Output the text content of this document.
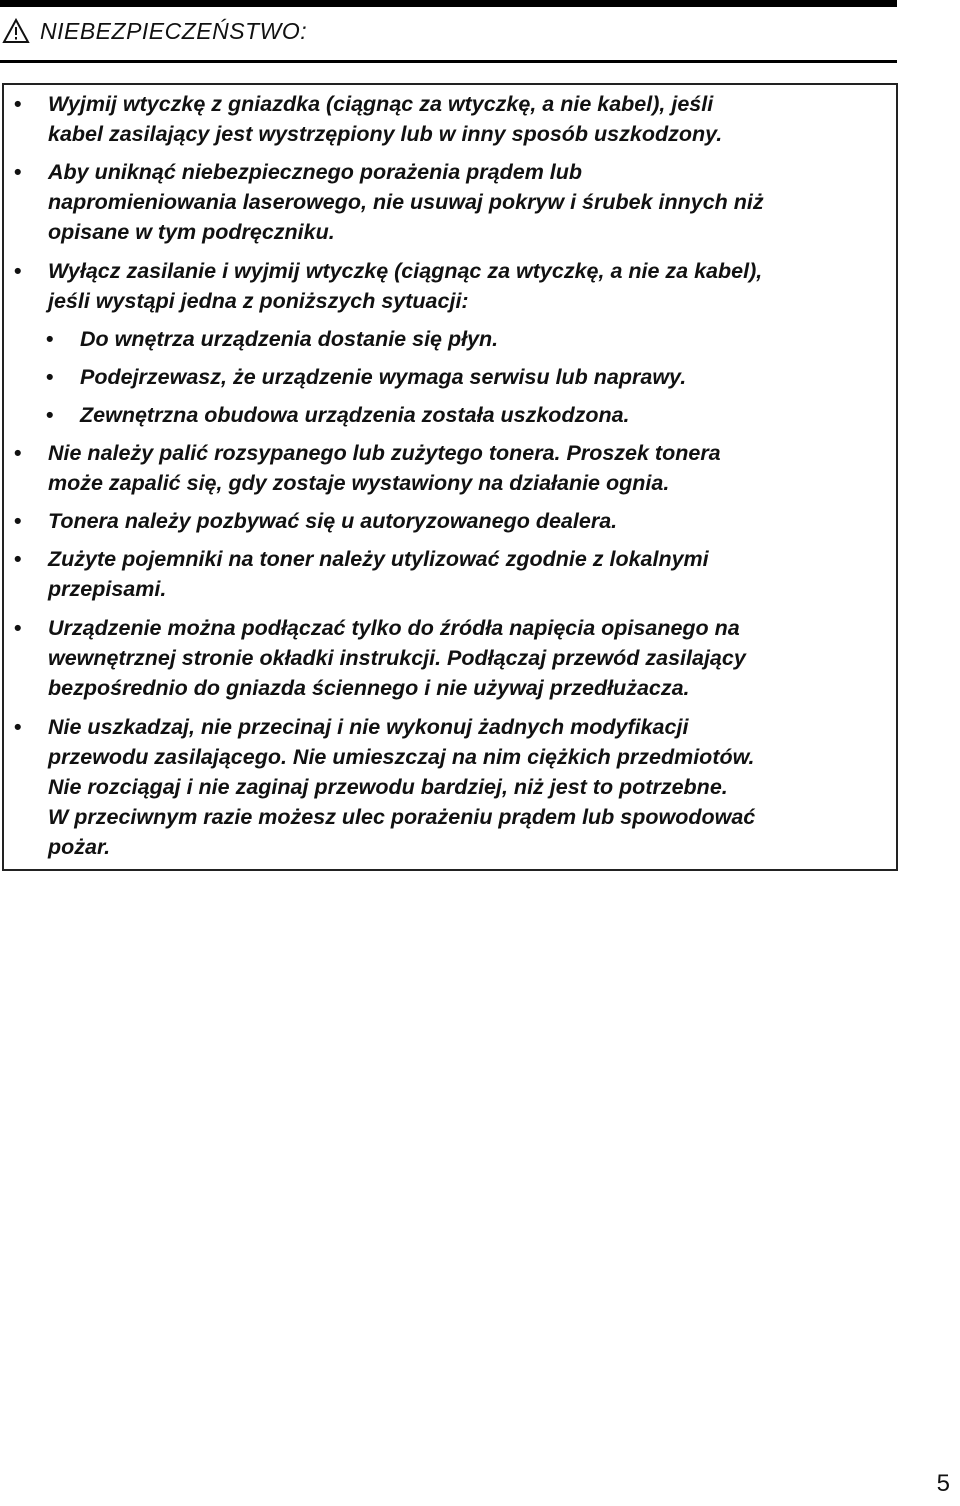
NIEBEZPIECZEŃSTWO:
• Wyjmij wtyczkę z gniazdka (ciągnąc za wtyczkę, a nie kabel), jeśli
kabel zasilający jest wystrzępiony lub w inny sposób uszkodzony.
• Aby uniknąć niebezpiecznego porażenia prądem lub
napromieniowania laserowego, nie usuwaj pokryw i śrubek innych niż
opisane w tym podręczniku.
• Wyłącz zasilanie i wyjmij wtyczkę (ciągnąc za wtyczkę, a nie za kabel),
jeśli wystąpi jedna z poniższych sytuacji:
• Do wnętrza urządzenia dostanie się płyn.
• Podejrzewasz, że urządzenie wymaga serwisu lub naprawy.
• Zewnętrzna obudowa urządzenia została uszkodzona.
• Nie należy palić rozsypanego lub zużytego tonera. Proszek tonera
może zapalić się, gdy zostaje wystawiony na działanie ognia.
• Tonera należy pozbywać się u autoryzowanego dealera.
• Zużyte pojemniki na toner należy utylizować zgodnie z lokalnymi
przepisami.
• Urządzenie można podłączać tylko do źródła napięcia opisanego na
wewnętrznej stronie okładki instrukcji. Podłączaj przewód zasilający
bezpośrednio do gniazda ściennego i nie używaj przedłużacza.
• Nie uszkadzaj, nie przecinaj i nie wykonuj żadnych modyfikacji
przewodu zasilającego. Nie umieszczaj na nim ciężkich przedmiotów.
Nie rozciągaj i nie zaginaj przewodu bardziej, niż jest to potrzebne.
W przeciwnym razie możesz ulec porażeniu prądem lub spowodować
pożar.
5
